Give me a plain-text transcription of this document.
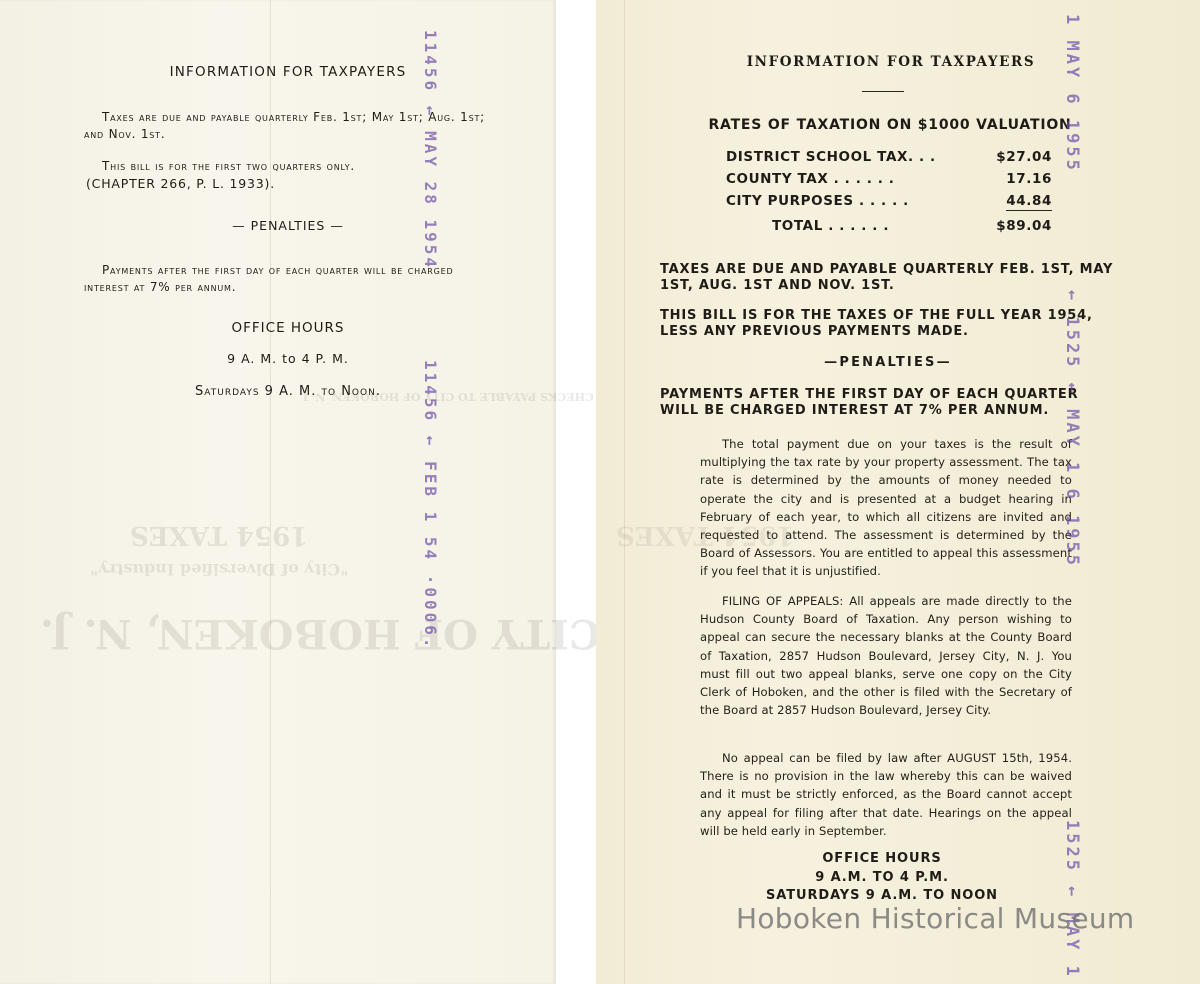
CITY OF HOBOKEN, N. J.
"City of Diversified Industry"
1954 TAXES
MAKE CHECKS PAYABLE TO CITY OF HOBOKEN, N. J.
INFORMATION FOR TAXPAYERS
Taxes are due and payable quarterly Feb. 1st; May 1st; Aug. 1st; and Nov. 1st.
This bill is for the first two quarters only.
(CHAPTER 266, P. L. 1933).
— PENALTIES —
Payments after the first day of each quarter will be charged interest at 7% per annum.
OFFICE HOURS
9 A. M. to 4 P. M.
Saturdays 9 A. M. to Noon.
11456 ← MAY 28 1954
11456 ← FEB 1 54 ·0006.	1954 TAXES
INFORMATION FOR TAXPAYERS
RATES OF TAXATION ON $1000 VALUATION
DISTRICT SCHOOL TAX. . .	$27.04
COUNTY TAX . . . . . .	17.16
CITY PURPOSES . . . . .	44.84
TOTAL . . . . . .	$89.04
TAXES ARE DUE AND PAYABLE QUARTERLY FEB. 1ST, MAY 1ST, AUG. 1ST AND NOV. 1ST.
THIS BILL IS FOR THE TAXES OF THE FULL YEAR 1954, LESS ANY PREVIOUS PAYMENTS MADE.
—PENALTIES—
PAYMENTS AFTER THE FIRST DAY OF EACH QUARTER WILL BE CHARGED INTEREST AT 7% PER ANNUM.
The total payment due on your taxes is the result of multiplying the tax rate by your property assessment. The tax rate is determined by the amounts of money needed to operate the city and is presented at a budget hearing in February of each year, to which all citizens are invited and requested to attend. The assessment is determined by the Board of Assessors. You are entitled to appeal this assessment if you feel that it is unjustified.
FILING OF APPEALS: All appeals are made directly to the Hudson County Board of Taxation. Any person wishing to appeal can secure the necessary blanks at the County Board of Taxation, 2857 Hudson Boulevard, Jersey City, N. J. You must fill out two appeal blanks, serve one copy on the City Clerk of Hoboken, and the other is filed with the Secretary of the Board at 2857 Hudson Boulevard, Jersey City.
No appeal can be filed by law after AUGUST 15th, 1954. There is no provision in the law whereby this can be waived and it must be strictly enforced, as the Board cannot accept any appeal for filing after that date. Hearings on the appeal will be held early in September.
OFFICE HOURS
9 A.M. TO 4 P.M.
SATURDAYS 9 A.M. TO NOON
1 MAY 6 1955
← 1525 ← MAY 1 6 1955
1525 ← MAY 1
Hoboken Historical Museum
